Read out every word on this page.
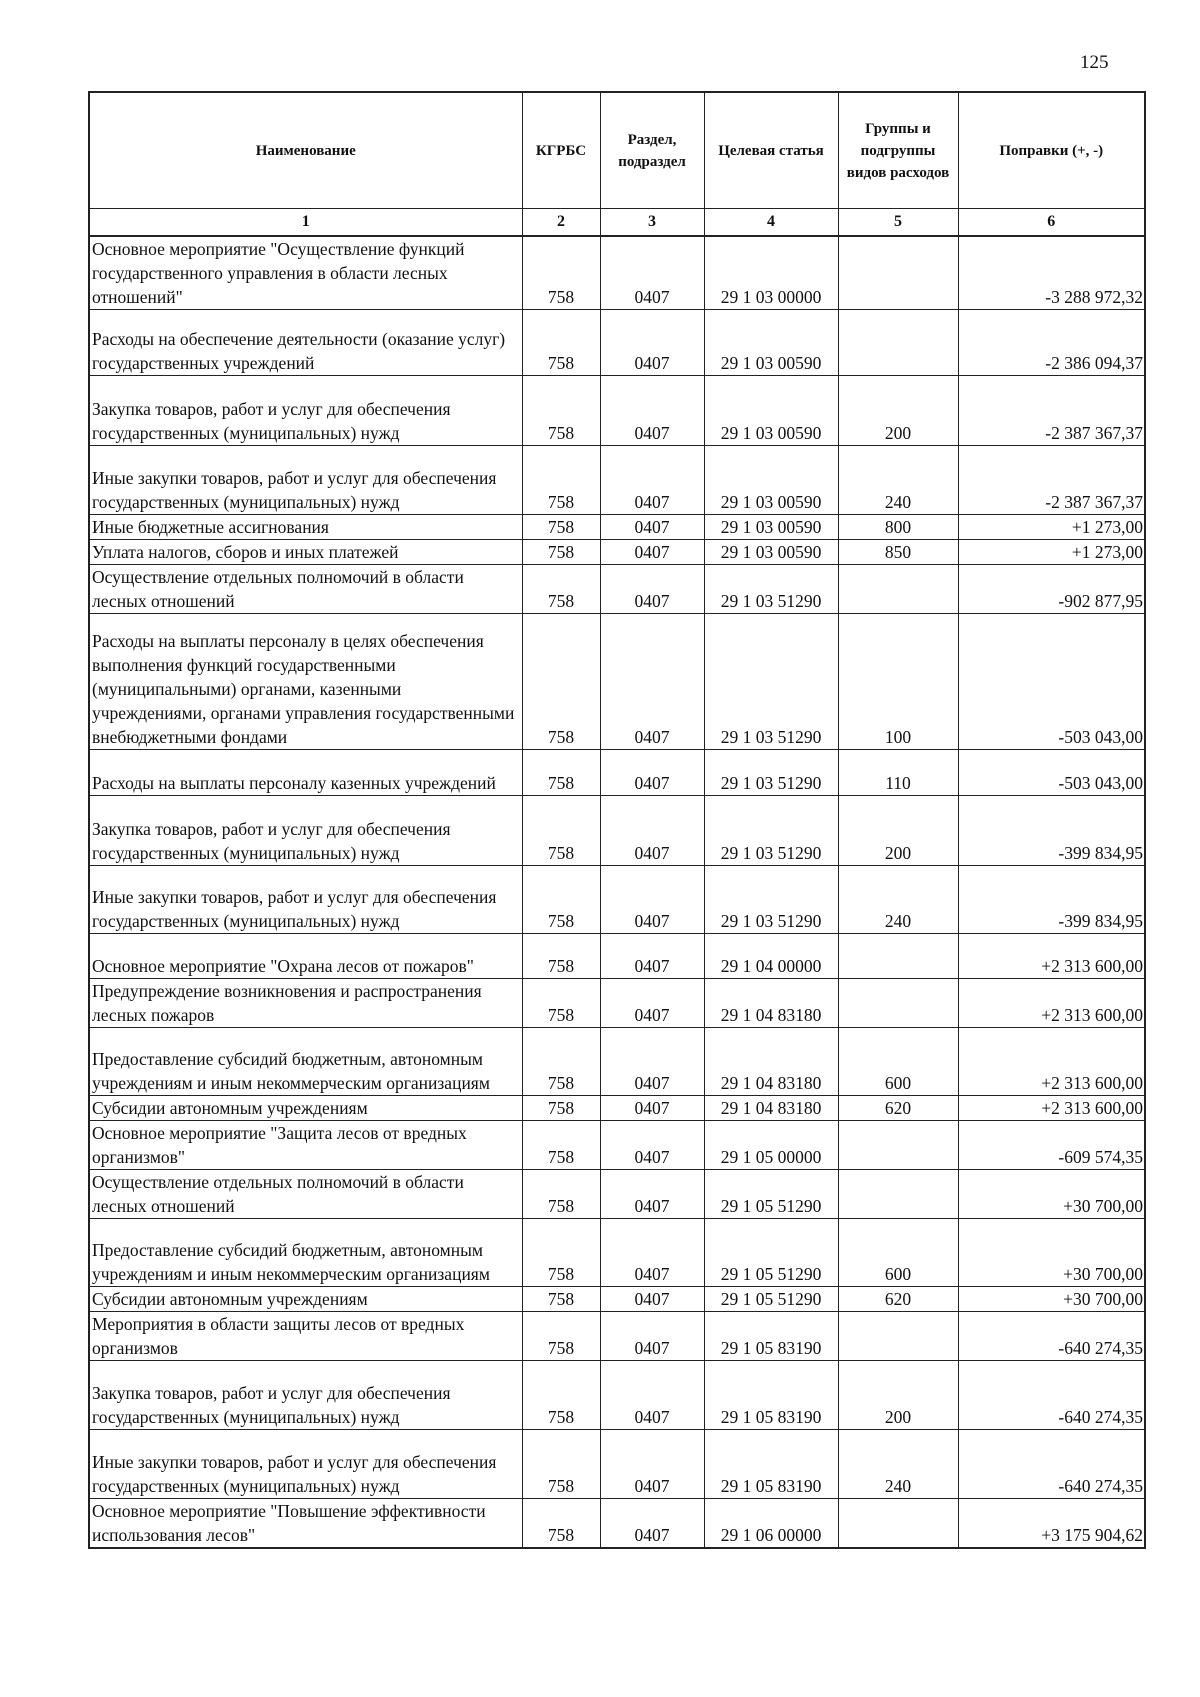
125
Наименование	КГРБС	Раздел, подраздел	Целевая статья	Группы и подгруппы видов расходов	Поправки (+, -)
1	2	3	4	5	6
Основное мероприятие "Осуществление функций государственного управления в области лесных отношений"	758	0407	29 1 03 00000		-3 288 972,32
Расходы на обеспечение деятельности (оказание услуг) государственных учреждений	758	0407	29 1 03 00590		-2 386 094,37
Закупка товаров, работ и услуг для обеспечения государственных (муниципальных) нужд	758	0407	29 1 03 00590	200	-2 387 367,37
Иные закупки товаров, работ и услуг для обеспечения государственных (муниципальных) нужд	758	0407	29 1 03 00590	240	-2 387 367,37
Иные бюджетные ассигнования	758	0407	29 1 03 00590	800	+1 273,00
Уплата налогов, сборов и иных платежей	758	0407	29 1 03 00590	850	+1 273,00
Осуществление отдельных полномочий в области лесных отношений	758	0407	29 1 03 51290		-902 877,95
Расходы на выплаты персоналу в целях обеспечения выполнения функций государственными (муниципальными) органами, казенными учреждениями, органами управления государственными внебюджетными фондами	758	0407	29 1 03 51290	100	-503 043,00
Расходы на выплаты персоналу казенных учреждений	758	0407	29 1 03 51290	110	-503 043,00
Закупка товаров, работ и услуг для обеспечения государственных (муниципальных) нужд	758	0407	29 1 03 51290	200	-399 834,95
Иные закупки товаров, работ и услуг для обеспечения государственных (муниципальных) нужд	758	0407	29 1 03 51290	240	-399 834,95
Основное мероприятие "Охрана лесов от пожаров"	758	0407	29 1 04 00000		+2 313 600,00
Предупреждение возникновения и распространения лесных пожаров	758	0407	29 1 04 83180		+2 313 600,00
Предоставление субсидий бюджетным, автономным учреждениям и иным некоммерческим организациям	758	0407	29 1 04 83180	600	+2 313 600,00
Субсидии автономным учреждениям	758	0407	29 1 04 83180	620	+2 313 600,00
Основное мероприятие "Защита лесов от вредных организмов"	758	0407	29 1 05 00000		-609 574,35
Осуществление отдельных полномочий в области лесных отношений	758	0407	29 1 05 51290		+30 700,00
Предоставление субсидий бюджетным, автономным учреждениям и иным некоммерческим организациям	758	0407	29 1 05 51290	600	+30 700,00
Субсидии автономным учреждениям	758	0407	29 1 05 51290	620	+30 700,00
Мероприятия в области защиты лесов от вредных организмов	758	0407	29 1 05 83190		-640 274,35
Закупка товаров, работ и услуг для обеспечения государственных (муниципальных) нужд	758	0407	29 1 05 83190	200	-640 274,35
Иные закупки товаров, работ и услуг для обеспечения государственных (муниципальных) нужд	758	0407	29 1 05 83190	240	-640 274,35
Основное мероприятие "Повышение эффективности использования лесов"	758	0407	29 1 06 00000		+3 175 904,62
